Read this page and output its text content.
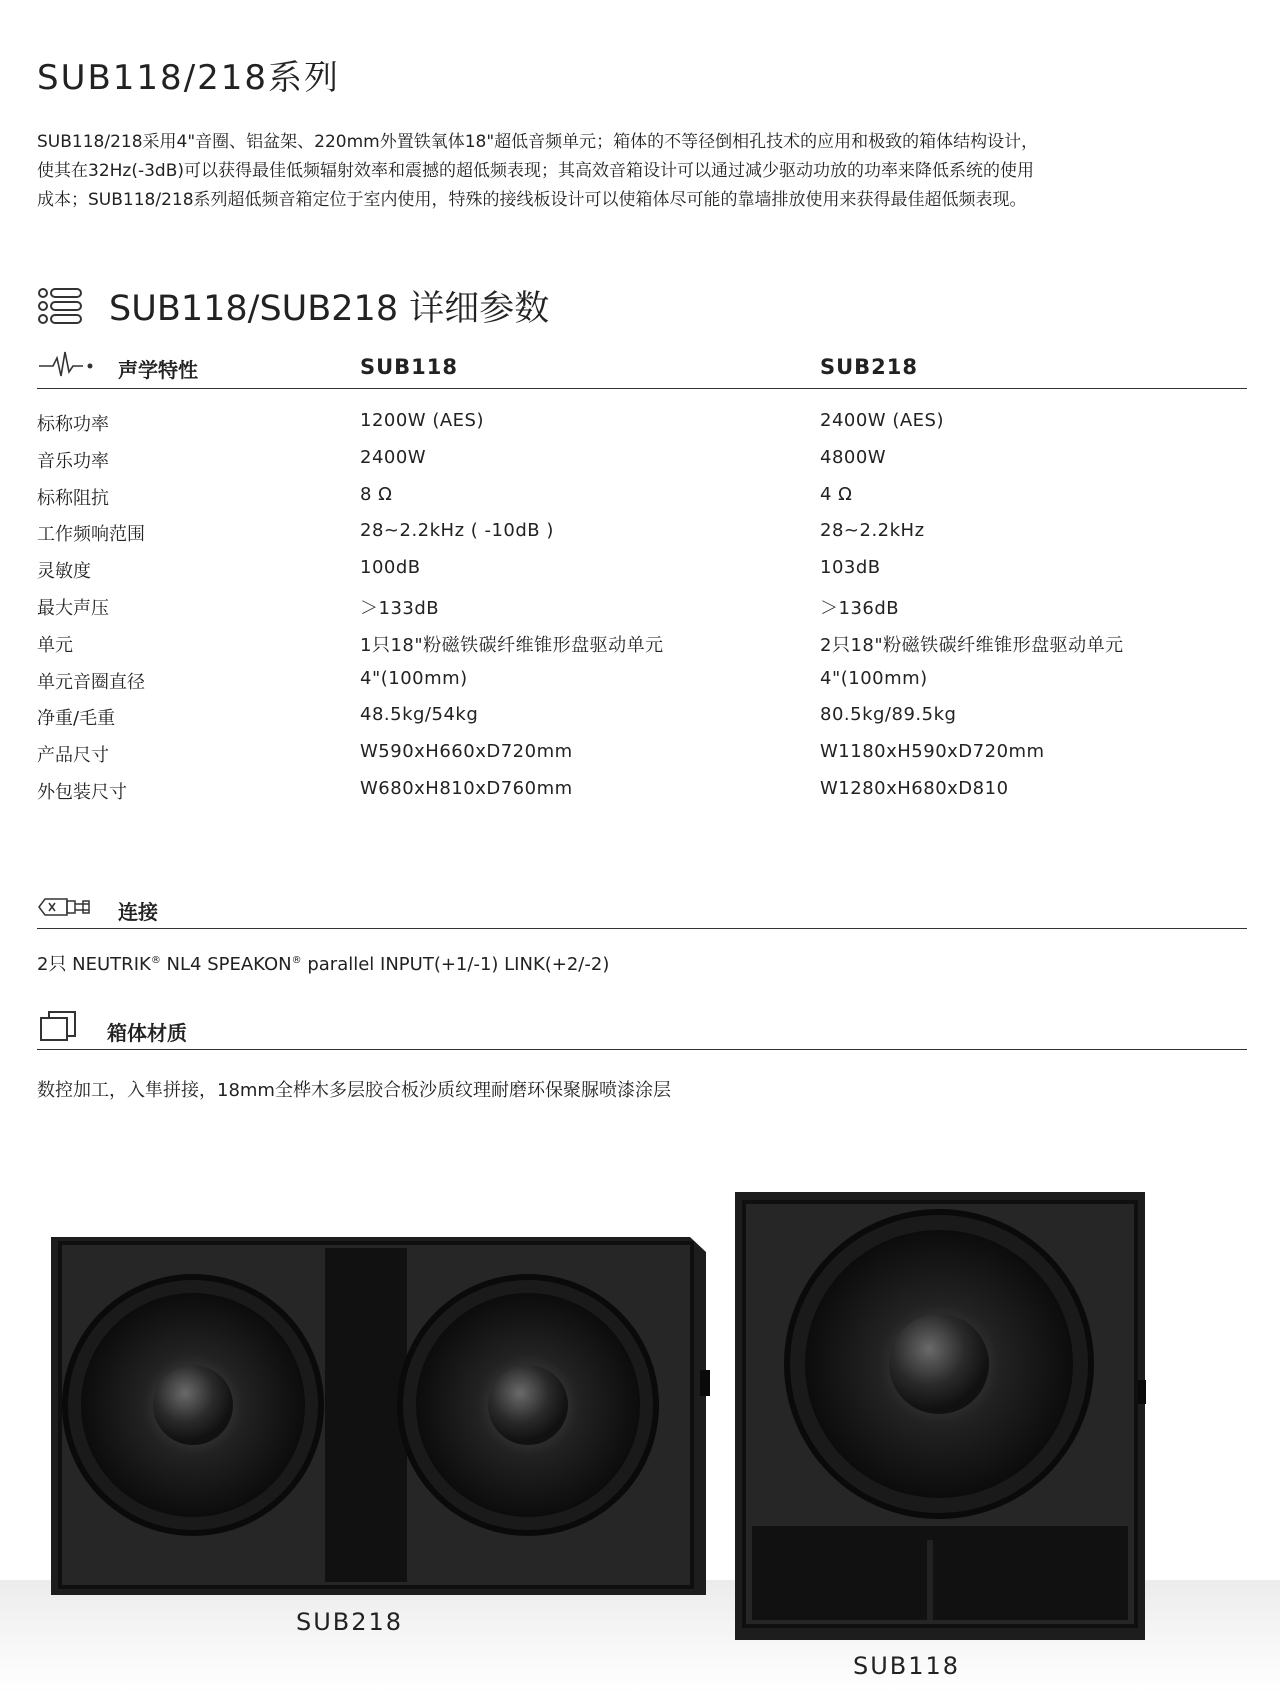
SUB118/218系列
SUB118/218采用4"音圈、铝盆架、220mm外置铁氧体18"超低音频单元；箱体的不等径倒相孔技术的应用和极致的箱体结构设计，
使其在32Hz(-3dB)可以获得最佳低频辐射效率和震撼的超低频表现；其高效音箱设计可以通过减少驱动功放的功率来降低系统的使用
成本；SUB118/218系列超低频音箱定位于室内使用，特殊的接线板设计可以使箱体尽可能的靠墙排放使用来获得最佳超低频表现。
SUB118/SUB218 详细参数
声学特性	SUB118	SUB218
标称功率	1200W (AES)	2400W (AES)
音乐功率	2400W	4800W
标称阻抗	8 Ω	4 Ω
工作频响范围	28~2.2kHz ( -10dB )	28~2.2kHz
灵敏度	100dB	103dB
最大声压	＞133dB	＞136dB
单元	1只18"粉磁铁碳纤维锥形盘驱动单元	2只18"粉磁铁碳纤维锥形盘驱动单元
单元音圈直径	4"(100mm)	4"(100mm)
净重/毛重	48.5kg/54kg	80.5kg/89.5kg
产品尺寸	W590xH660xD720mm	W1180xH590xD720mm
外包装尺寸	W680xH810xD760mm	W1280xH680xD810
连接
2只 NEUTRIK® NL4 SPEAKON® parallel INPUT(+1/-1) LINK(+2/-2)
箱体材质
数控加工，入隼拼接，18mm全桦木多层胶合板沙质纹理耐磨环保聚脲喷漆涂层
SUB218
SUB118
